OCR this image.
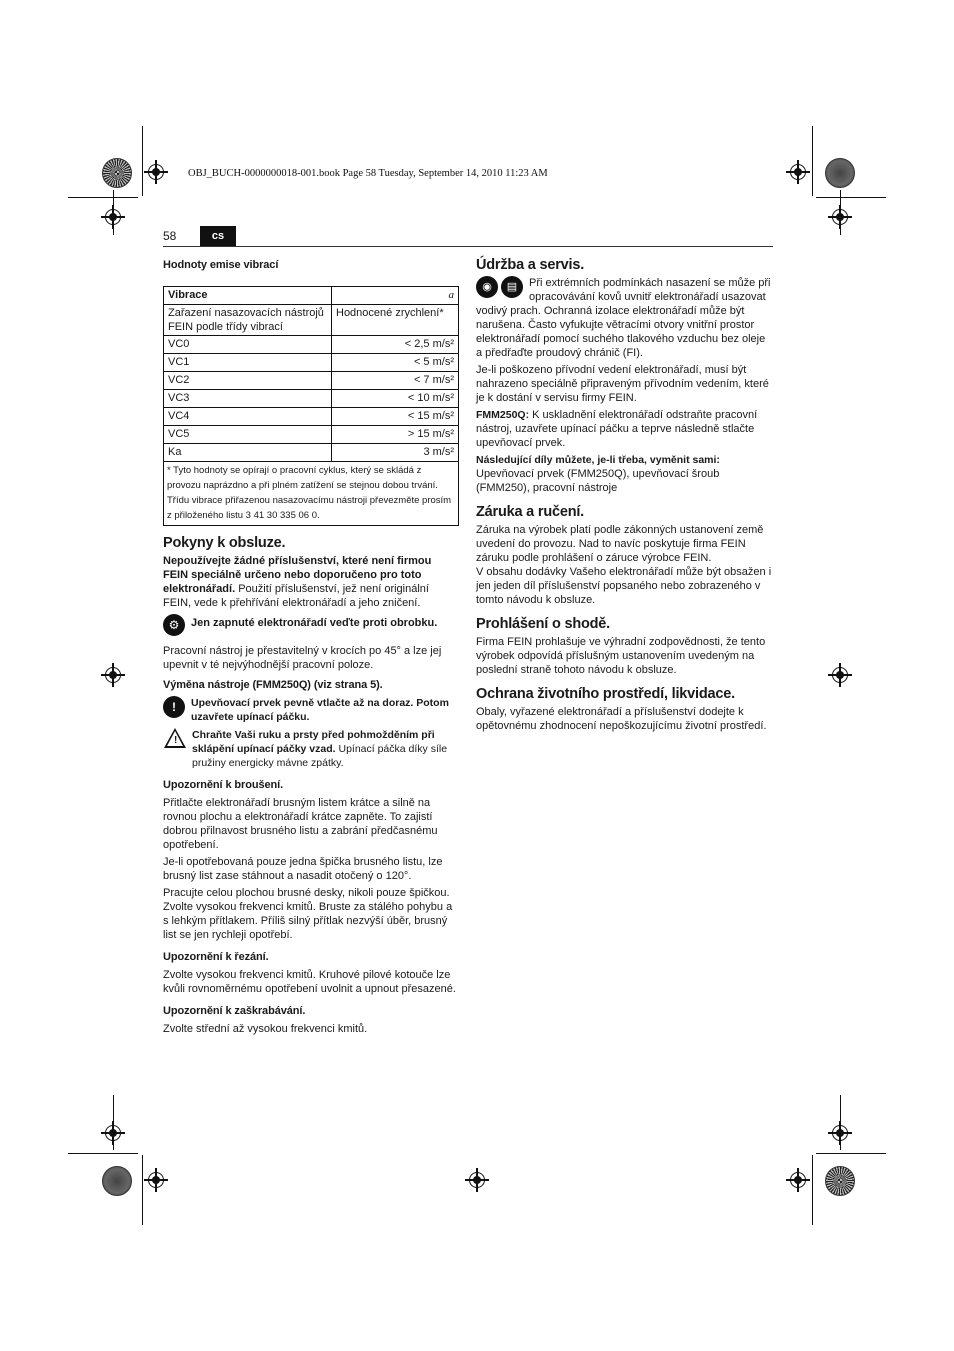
OBJ_BUCH-0000000018-001.book Page 58 Tuesday, September 14, 2010 11:23 AM
58	cs
Hodnoty emise vibrací
Vibrace	a
Zařazení nasazovacích nástrojů FEIN podle třídy vibrací	Hodnocené zrychlení*
VC0	< 2,5 m/s²
VC1	< 5 m/s²
VC2	< 7 m/s²
VC3	< 10 m/s²
VC4	< 15 m/s²
VC5	> 15 m/s²
Ka	3 m/s²
* Tyto hodnoty se opírají o pracovní cyklus, který se skládá z provozu naprázdno a při plném zatížení se stejnou dobou trvání. Třídu vibrace přiřazenou nasazovacímu nástroji převezměte prosím z přiloženého listu 3 41 30 335 06 0.	
Pokyny k obsluze.

Nepoužívejte žádné příslušenství, které není firmou FEIN speciálně určeno nebo doporučeno pro toto elektronářadí. Použití příslušenství, jež není originální FEIN, vede k přehřívání elektronářadí a jeho zničení.

⚙	Jen zapnuté elektronářadí veďte proti obrobku.

Pracovní nástroj je přestavitelný v krocích po 45° a lze jej upevnit v té nejvýhodnější pracovní poloze.

Výměna nástroje (FMM250Q) (viz strana 5).
!	Upevňovací prvek pevně vtlačte až na doraz. Potom uzavřete upínací páčku.
! Chraňte Vaši ruku a prsty před pohmožděním při sklápění upínací páčky vzad. Upínací páčka díky síle pružiny energicky mávne zpátky.
Upozornění k broušení.

Přitlačte elektronářadí brusným listem krátce a silně na rovnou plochu a elektronářadí krátce zapněte. To zajistí dobrou přilnavost brusného listu a zabrání předčasnému opotřebení.

Je-li opotřebovaná pouze jedna špička brusného listu, lze brusný list zase stáhnout a nasadit otočený o 120°.

Pracujte celou plochou brusné desky, nikoli pouze špičkou. Zvolte vysokou frekvenci kmitů. Bruste za stálého pohybu a s lehkým přítlakem. Příliš silný přítlak nezvýší úběr, brusný list se jen rychleji opotřebí.

Upozornění k řezání.

Zvolte vysokou frekvenci kmitů. Kruhové pilové kotouče lze kvůli rovnoměrnému opotřebení uvolnit a upnout přesazené.

Upozornění k zaškrabávání.

Zvolte střední až vysokou frekvenci kmitů.

Údržba a servis.
◉	▤	Při extrémních podmínkách nasazení se může při opracovávání kovů uvnitř elektronářadí usazovat vodivý prach. Ochranná izolace elektronářadí může být narušena. Často vyfukujte větracími otvory vnitřní prostor elektronářadí pomocí suchého tlakového vzduchu bez oleje a předřaďte proudový chránič (FI).

Je-li poškozeno přívodní vedení elektronářadí, musí být nahrazeno speciálně připraveným přívodním vedením, které je k dostání v servisu firmy FEIN.

FMM250Q: K uskladnění elektronářadí odstraňte pracovní nástroj, uzavřete upínací páčku a teprve následně stlačte upevňovací prvek.

Následující díly můžete, je-li třeba, vyměnit sami:

Upevňovací prvek (FMM250Q), upevňovací šroub (FMM250), pracovní nástroje

Záruka a ručení.

Záruka na výrobek platí podle zákonných ustanovení země uvedení do provozu. Nad to navíc poskytuje firma FEIN záruku podle prohlášení o záruce výrobce FEIN.

V obsahu dodávky Vašeho elektronářadí může být obsažen i jen jeden díl příslušenství popsaného nebo zobrazeného v tomto návodu k obsluze.

Prohlášení o shodě.

Firma FEIN prohlašuje ve výhradní zodpovědnosti, že tento výrobek odpovídá příslušným ustanovením uvedeným na poslední straně tohoto návodu k obsluze.

Ochrana životního prostředí, likvidace.

Obaly, vyřazené elektronářadí a příslušenství dodejte k opětovnému zhodnocení nepoškozujícímu životní prostředí.
